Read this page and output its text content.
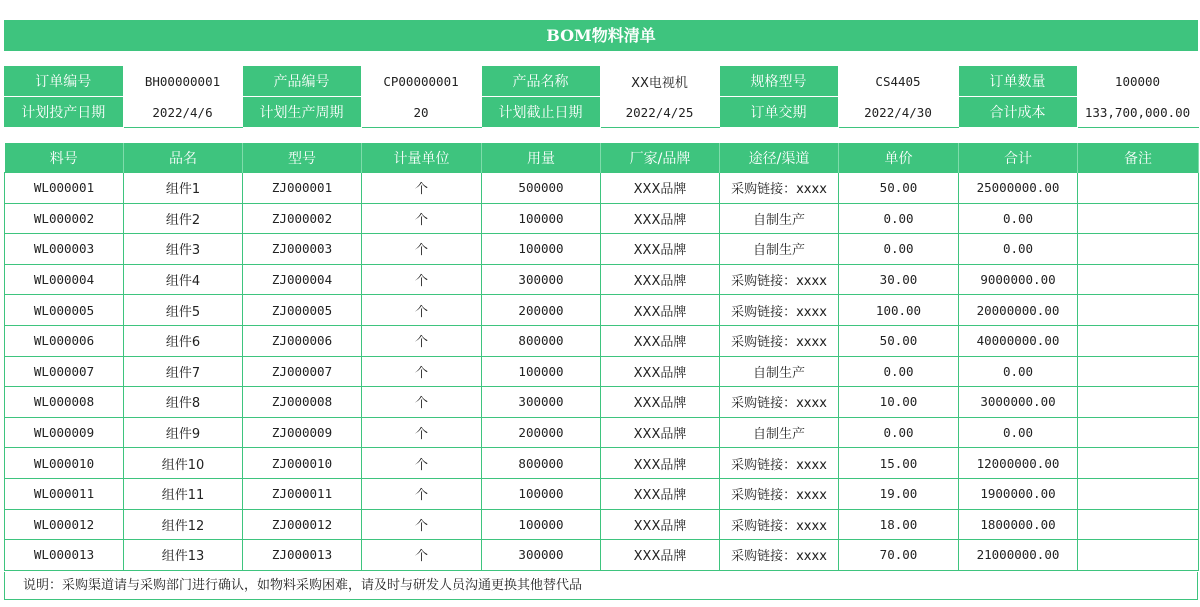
BOM物料清单
订单编号	BH00000001	产品编号	CP00000001	产品名称	XX电视机	规格型号	CS4405	订单数量	100000
计划投产日期	2022/4/6	计划生产周期	20	计划截止日期	2022/4/25	订单交期	2022/4/30	合计成本	133,700,000.00
料号	品名	型号	计量单位	用量	厂家/品牌	途径/渠道	单价	合计	备注
WL000001	组件1	ZJ000001	个	500000	XXX品牌	采购链接：xxxx	50.00	25000000.00	
WL000002	组件2	ZJ000002	个	100000	XXX品牌	自制生产	0.00	0.00	
WL000003	组件3	ZJ000003	个	100000	XXX品牌	自制生产	0.00	0.00	
WL000004	组件4	ZJ000004	个	300000	XXX品牌	采购链接：xxxx	30.00	9000000.00	
WL000005	组件5	ZJ000005	个	200000	XXX品牌	采购链接：xxxx	100.00	20000000.00	
WL000006	组件6	ZJ000006	个	800000	XXX品牌	采购链接：xxxx	50.00	40000000.00	
WL000007	组件7	ZJ000007	个	100000	XXX品牌	自制生产	0.00	0.00	
WL000008	组件8	ZJ000008	个	300000	XXX品牌	采购链接：xxxx	10.00	3000000.00	
WL000009	组件9	ZJ000009	个	200000	XXX品牌	自制生产	0.00	0.00	
WL000010	组件10	ZJ000010	个	800000	XXX品牌	采购链接：xxxx	15.00	12000000.00	
WL000011	组件11	ZJ000011	个	100000	XXX品牌	采购链接：xxxx	19.00	1900000.00	
WL000012	组件12	ZJ000012	个	100000	XXX品牌	采购链接：xxxx	18.00	1800000.00	
WL000013	组件13	ZJ000013	个	300000	XXX品牌	采购链接：xxxx	70.00	21000000.00	
说明：采购渠道请与采购部门进行确认，如物料采购困难，请及时与研发人员沟通更换其他替代品
